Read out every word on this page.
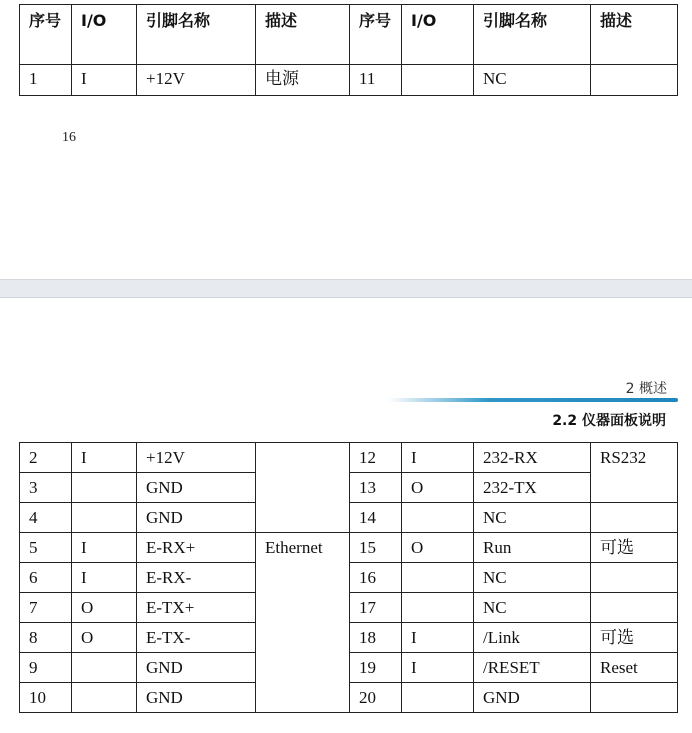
序号	I/O	引脚名称	描述	序号	I/O	引脚名称	描述
1	I	+12V	电源	11		NC	
16
2 概述
2.2 仪器面板说明
2	I	+12V		12	I	232-RX	RS232
3		GND		13	O	232-TX	
4		GND		14		NC	
5	I	E-RX+	Ethernet	15	O	Run	可选
6	I	E-RX-		16		NC	
7	O	E-TX+		17		NC	
8	O	E-TX-		18	I	/Link	可选
9		GND		19	I	/RESET	Reset
10		GND		20		GND	
